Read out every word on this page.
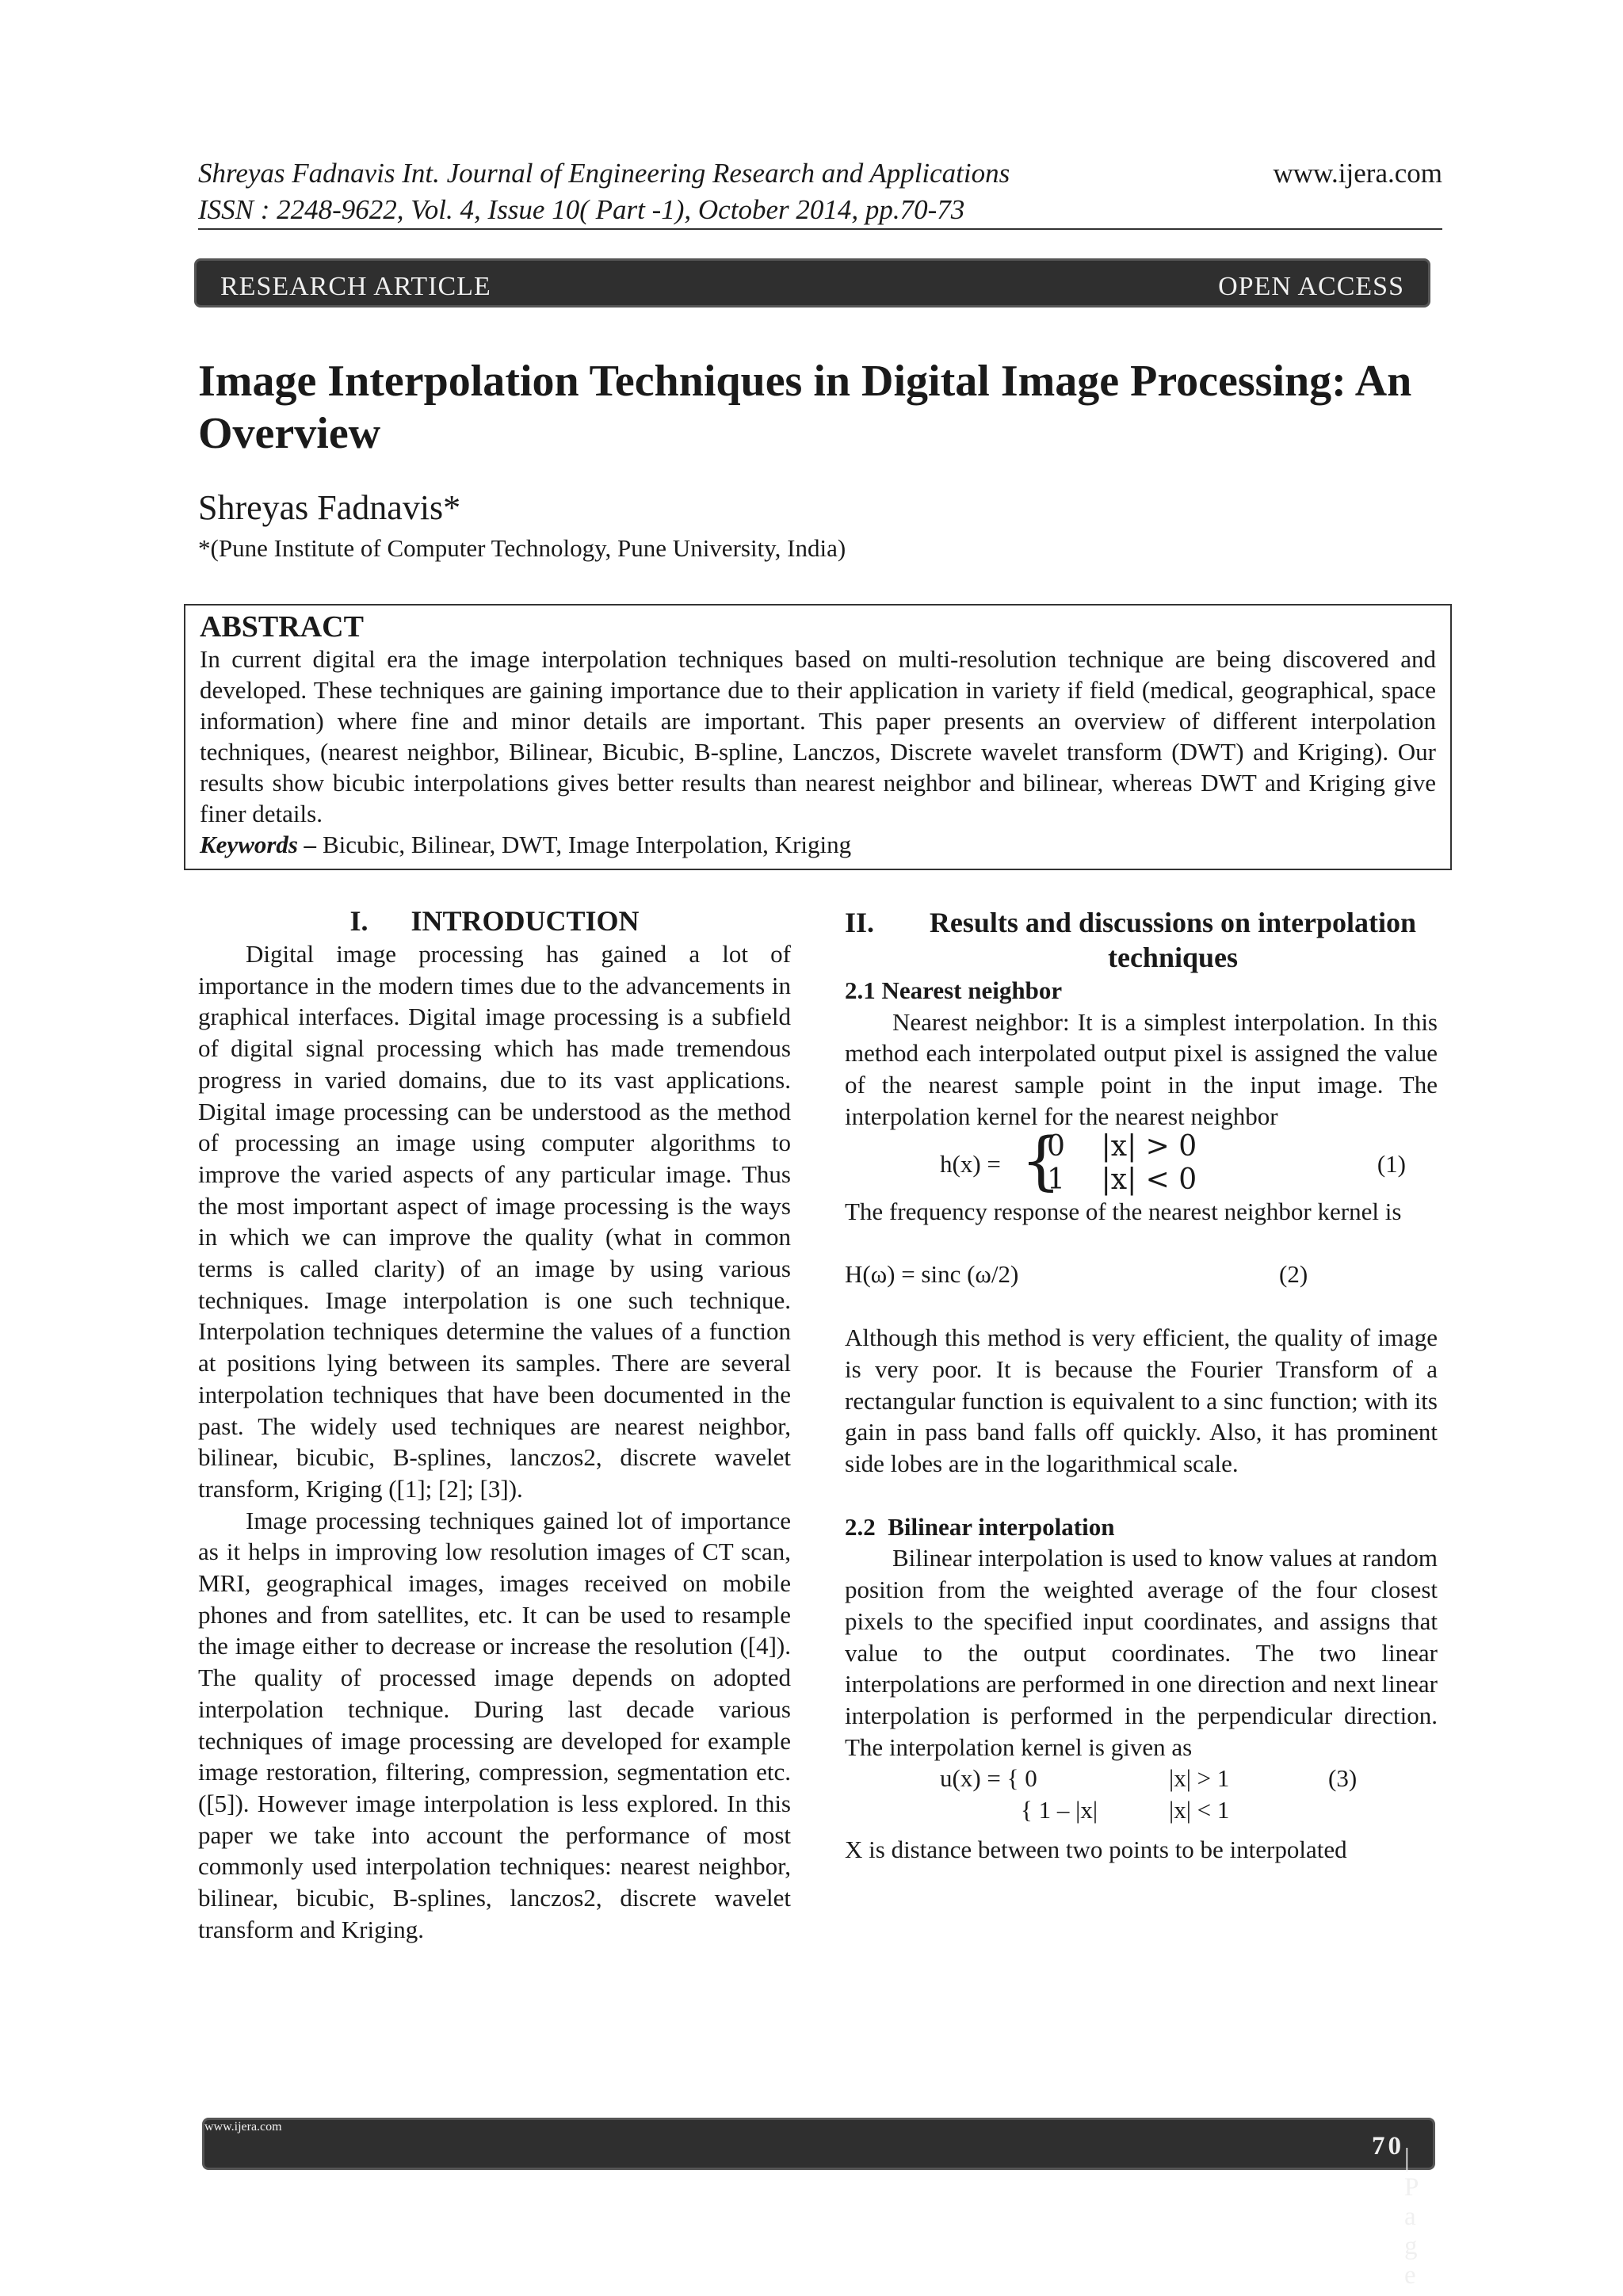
Shreyas Fadnavis Int. Journal of Engineering Research and Applications
ISSN : 2248-9622, Vol. 4, Issue 10( Part -1), October 2014, pp.70-73
www.ijera.com
RESEARCH ARTICLE	OPEN ACCESS
Image Interpolation Techniques in Digital Image Processing: An Overview
Shreyas Fadnavis*
*(Pune Institute of Computer Technology, Pune University, India)
ABSTRACT
In current digital era the image interpolation techniques based on multi-resolution technique are being discovered and developed. These techniques are gaining importance due to their application in variety if field (medical, geographical, space information) where fine and minor details are important. This paper presents an overview of different interpolation techniques, (nearest neighbor, Bilinear, Bicubic, B-spline, Lanczos, Discrete wavelet transform (DWT) and Kriging). Our results show bicubic interpolations gives better results than nearest neighbor and bilinear, whereas DWT and Kriging give finer details.
Keywords – Bicubic, Bilinear, DWT, Image Interpolation, Kriging
I.      INTRODUCTION

Digital image processing has gained a lot of importance in the modern times due to the advancements in graphical interfaces. Digital image processing is a subfield of digital signal processing which has made tremendous progress in varied domains, due to its vast applications. Digital image processing can be understood as the method of processing an image using computer algorithms to improve the varied aspects of any particular image. Thus the most important aspect of image processing is the ways in which we can improve the quality (what in common terms is called clarity) of an image by using various techniques. Image interpolation is one such technique. Interpolation techniques determine the values of a function at positions lying between its samples. There are several interpolation techniques that have been documented in the past. The widely used techniques are nearest neighbor, bilinear, bicubic, B-splines, lanczos2, discrete wavelet transform, Kriging ([1]; [2]; [3]).

Image processing techniques gained lot of importance as it helps in improving low resolution images of CT scan, MRI, geographical images, images received on mobile phones and from satellites, etc. It can be used to resample the image either to decrease or increase the resolution ([4]). The quality of processed image depends on adopted interpolation technique. During last decade various techniques of image processing are developed for example image restoration, filtering, compression, segmentation etc. ([5]). However image interpolation is less explored. In this paper we take into account the performance of most commonly used interpolation techniques: nearest neighbor, bilinear, bicubic, B-splines, lanczos2, discrete wavelet transform and Kriging.

II.	Results and discussions on interpolation techniques
2.1 Nearest neighbor

Nearest neighbor: It is a simplest interpolation. In this method each interpolated output pixel is assigned the value of the nearest sample point in the input image. The interpolation kernel for the nearest neighbor

h(x) = {
0    |x| > 0
1    |x| < 0	(1)
The frequency response of the nearest neighbor kernel is
H(ω) = sinc (ω/2)	(2)
Although this method is very efficient, the quality of image is very poor. It is because the Fourier Transform of a rectangular function is equivalent to a sinc function; with its gain in pass band falls off quickly. Also, it has prominent side lobes are in the logarithmical scale.
2.2  Bilinear interpolation

Bilinear interpolation is used to know values at random position from the weighted average of the four closest pixels to the specified input coordinates, and assigns that value to the output coordinates. The two linear interpolations are performed in one direction and next linear interpolation is performed in the perpendicular direction. The interpolation kernel is given as

u(x) = { 0	|x| > 1
{ 1 – |x|	|x| < 1
(3)
X is distance between two points to be interpolated
www.ijera.com
70 | P a g e
